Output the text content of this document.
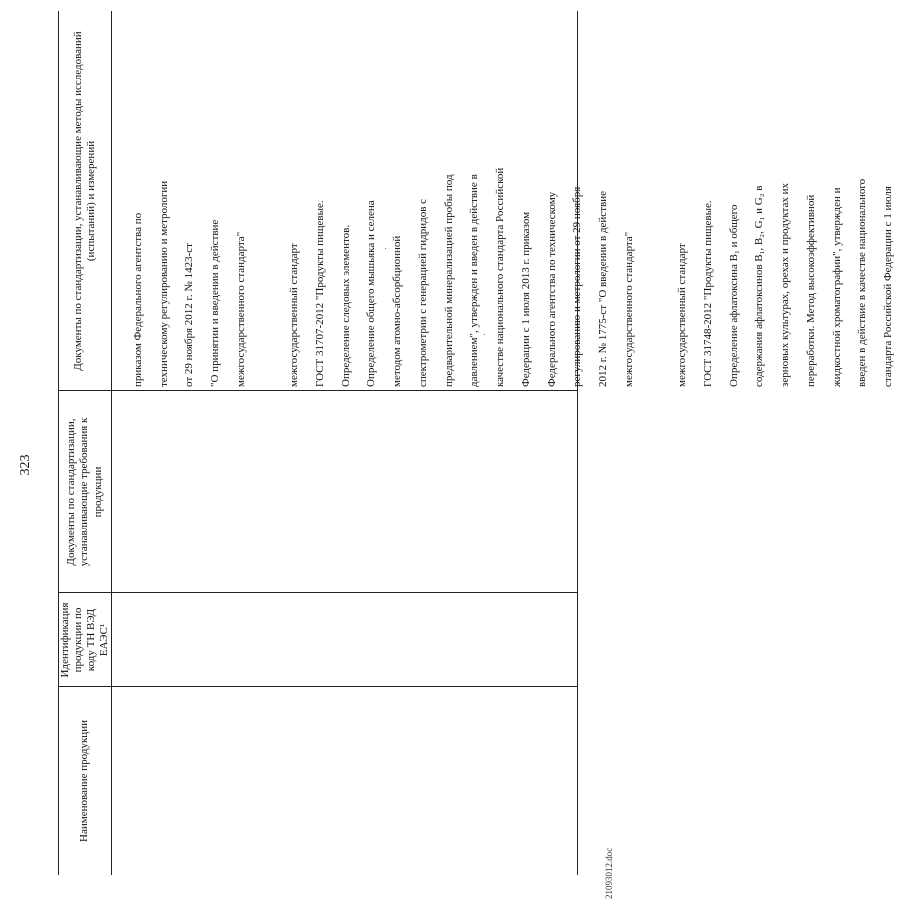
323
Наименование продукции
Идентификация продукции по коду ТН ВЭД ЕАЭС¹
Документы по стандартизации, устанавливающие требования к продукции
Документы по стандартизации, устанавливающие методы исследований (испытаний) и измерений

приказом Федерального агентства по техническому регулированию и метрологии от 29 ноября 2012 г. № 1423-ст "О принятии и введении в действие межгосударственного стандарта"	межгосударственный стандарт ГОСТ 31707-2012 "Продукты пищевые. Определение следовых элементов. Определение общего мышьяка и селена методом атомно-абсорбционной спектрометрии с генерацией гидридов с предварительной минерализацией пробы под давлением", утвержден и введен в действие в качестве национального стандарта Российской Федерации с 1 июля 2013 г. приказом Федерального агентства по техническому регулированию и метрологии от 29 ноября 2012 г. № 1775-ст "О введении в действие межгосударственного стандарта"	межгосударственный стандарт ГОСТ 31748-2012 "Продукты пищевые. Определение афлатоксина B₁ и общего содержания афлатоксинов B₁, B₂, G₁ и G₂ в зерновых культурах, орехах и продуктах их переработки. Метод высокоэффективной жидкостной хроматографии", утвержден и введен в действие в качестве национального стандарта Российской Федерации с 1 июля

21093012.doc
